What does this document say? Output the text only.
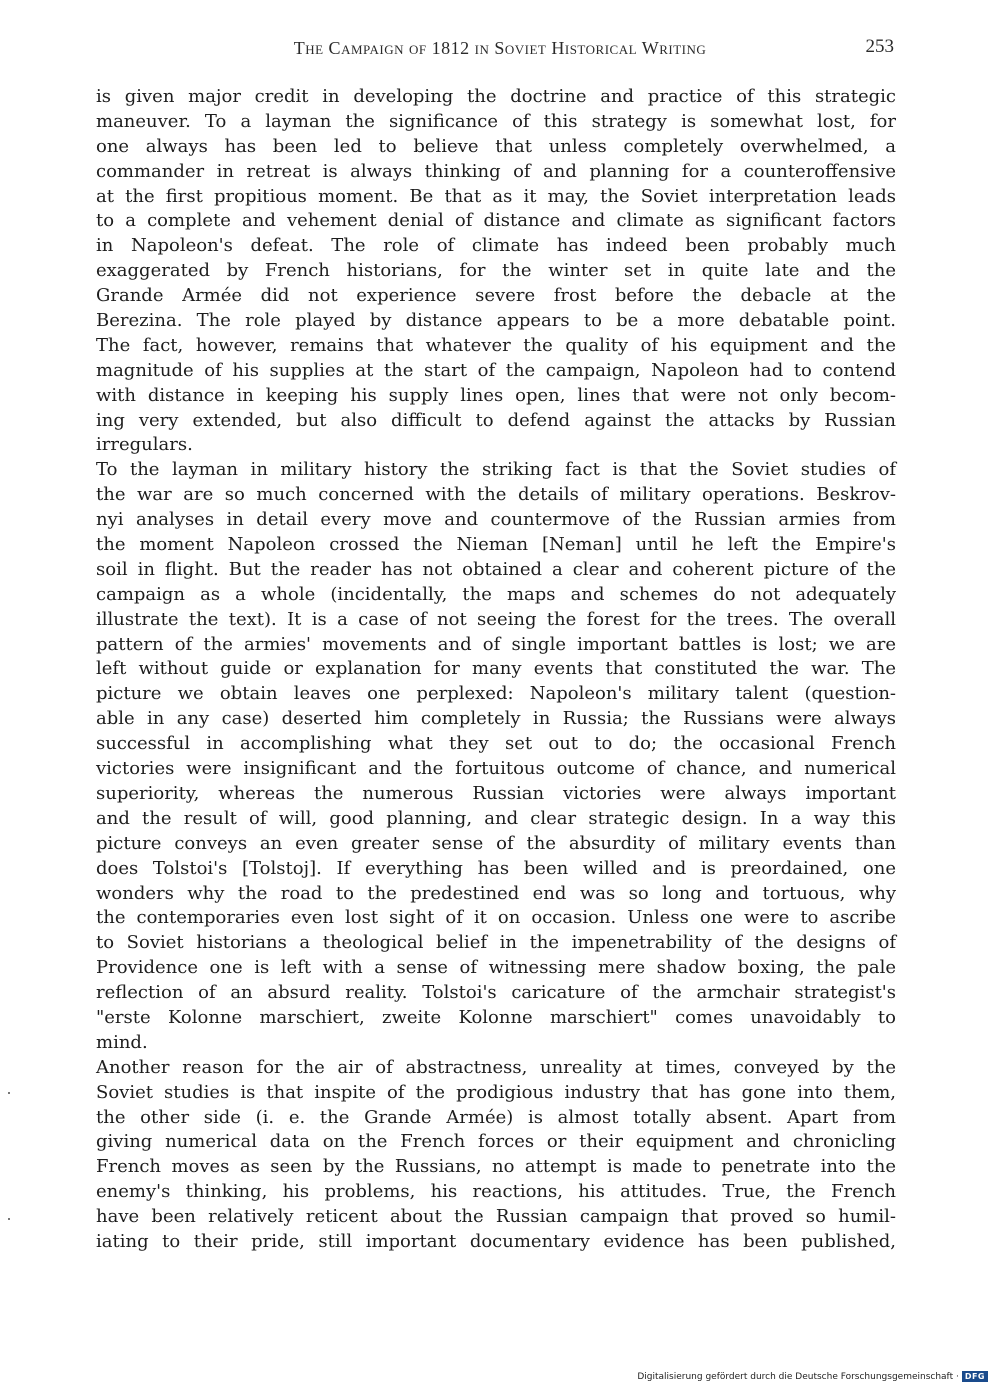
The Campaign of 1812 in Soviet Historical Writing	253
is given major credit in developing the doctrine and practice of this strategic
maneuver. To a layman the significance of this strategy is somewhat lost, for
one always has been led to believe that unless completely overwhelmed, a
commander in retreat is always thinking of and planning for a counteroffensive
at the first propitious moment. Be that as it may, the Soviet interpretation leads
to a complete and vehement denial of distance and climate as significant factors
in Napoleon's defeat. The role of climate has indeed been probably much
exaggerated by French historians, for the winter set in quite late and the
Grande Armée did not experience severe frost before the debacle at the
Berezina. The role played by distance appears to be a more debatable point.
The fact, however, remains that whatever the quality of his equipment and the
magnitude of his supplies at the start of the campaign, Napoleon had to contend
with distance in keeping his supply lines open, lines that were not only becom-
ing very extended, but also difficult to defend against the attacks by Russian
irregulars.
To the layman in military history the striking fact is that the Soviet studies of
the war are so much concerned with the details of military operations. Beskrov-
nyi analyses in detail every move and countermove of the Russian armies from
the moment Napoleon crossed the Nieman [Neman] until he left the Empire's
soil in flight. But the reader has not obtained a clear and coherent picture of the
campaign as a whole (incidentally, the maps and schemes do not adequately
illustrate the text). It is a case of not seeing the forest for the trees. The overall
pattern of the armies' movements and of single important battles is lost; we are
left without guide or explanation for many events that constituted the war. The
picture we obtain leaves one perplexed: Napoleon's military talent (question-
able in any case) deserted him completely in Russia; the Russians were always
successful in accomplishing what they set out to do; the occasional French
victories were insignificant and the fortuitous outcome of chance, and numerical
superiority, whereas the numerous Russian victories were always important
and the result of will, good planning, and clear strategic design. In a way this
picture conveys an even greater sense of the absurdity of military events than
does Tolstoi's [Tolstoj]. If everything has been willed and is preordained, one
wonders why the road to the predestined end was so long and tortuous, why
the contemporaries even lost sight of it on occasion. Unless one were to ascribe
to Soviet historians a theological belief in the impenetrability of the designs of
Providence one is left with a sense of witnessing mere shadow boxing, the pale
reflection of an absurd reality. Tolstoi's caricature of the armchair strategist's
"erste Kolonne marschiert, zweite Kolonne marschiert" comes unavoidably to
mind.
Another reason for the air of abstractness, unreality at times, conveyed by the
Soviet studies is that inspite of the prodigious industry that has gone into them,
the other side (i. e. the Grande Armée) is almost totally absent. Apart from
giving numerical data on the French forces or their equipment and chronicling
French moves as seen by the Russians, no attempt is made to penetrate into the
enemy's thinking, his problems, his reactions, his attitudes. True, the French
have been relatively reticent about the Russian campaign that proved so humil-
iating to their pride, still important documentary evidence has been published,
Digitalisierung gefördert durch die Deutsche Forschungsgemeinschaft · DFG
